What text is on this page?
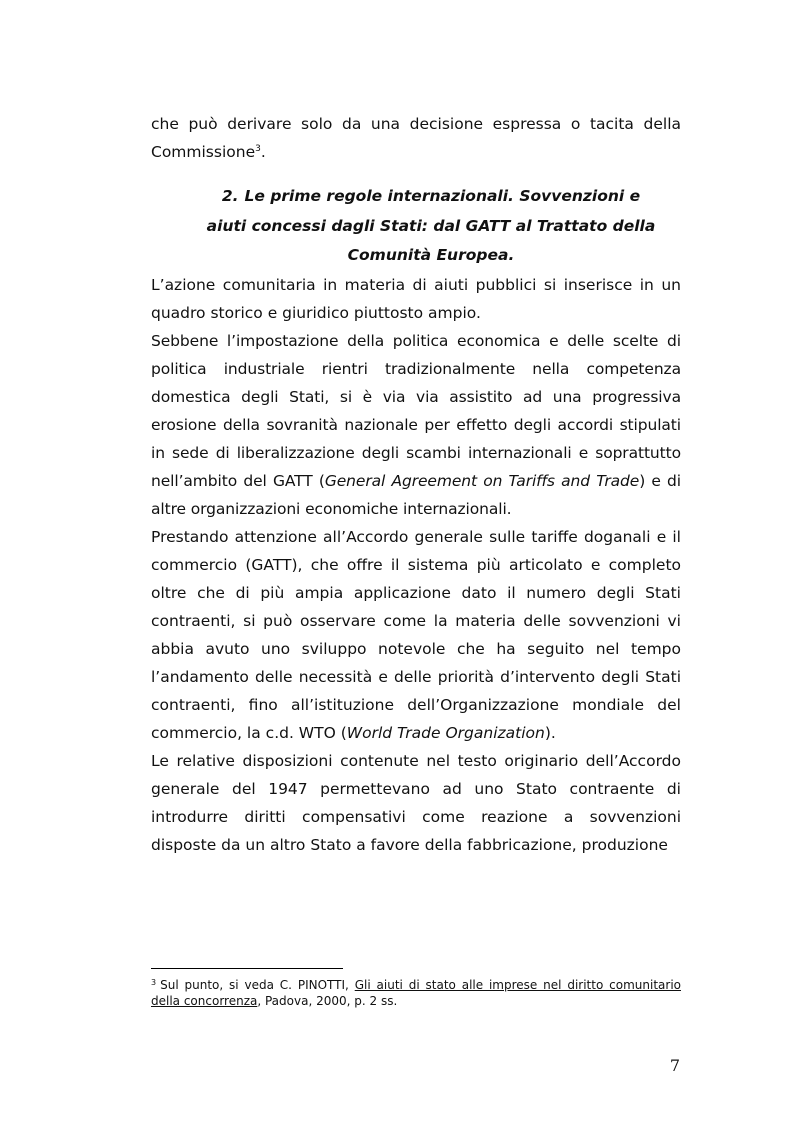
che può derivare solo da una decisione espressa o tacita della Commissione$^3$.

2. Le prime regole internazionali. Sovvenzioni e aiuti concessi dagli Stati: dal GATT al Trattato della Comunità Europea.

L’azione comunitaria in materia di aiuti pubblici si inserisce in un quadro storico e giuridico piuttosto ampio.

Sebbene l’impostazione della politica economica e delle scelte di politica industriale rientri tradizionalmente nella competenza domestica degli Stati, si è via via assistito ad una progressiva erosione della sovranità nazionale per effetto degli accordi stipulati in sede di liberalizzazione degli scambi internazionali e soprattutto nell’ambito del GATT (General Agreement on Tariffs and Trade) e di altre organizzazioni economiche internazionali.

Prestando attenzione all’Accordo generale sulle tariffe doganali e il commercio (GATT), che offre il sistema più articolato e completo oltre che di più ampia applicazione dato il numero degli Stati contraenti, si può osservare come la materia delle sovvenzioni vi abbia avuto uno sviluppo notevole che ha seguito nel tempo l’andamento delle necessità e delle priorità d’intervento degli Stati contraenti, fino all’istituzione dell’Organizzazione mondiale del commercio, la c.d. WTO (World Trade Organization).

Le relative disposizioni contenute nel testo originario dell’Accordo generale del 1947 permettevano ad uno Stato contraente di introdurre diritti compensativi come reazione a sovvenzioni disposte da un altro Stato a favore della fabbricazione, produzione

$^3$ Sul punto, si veda C. PINOTTI, Gli aiuti di stato alle imprese nel diritto comunitario della concorrenza, Padova, 2000, p. 2 ss.
7
